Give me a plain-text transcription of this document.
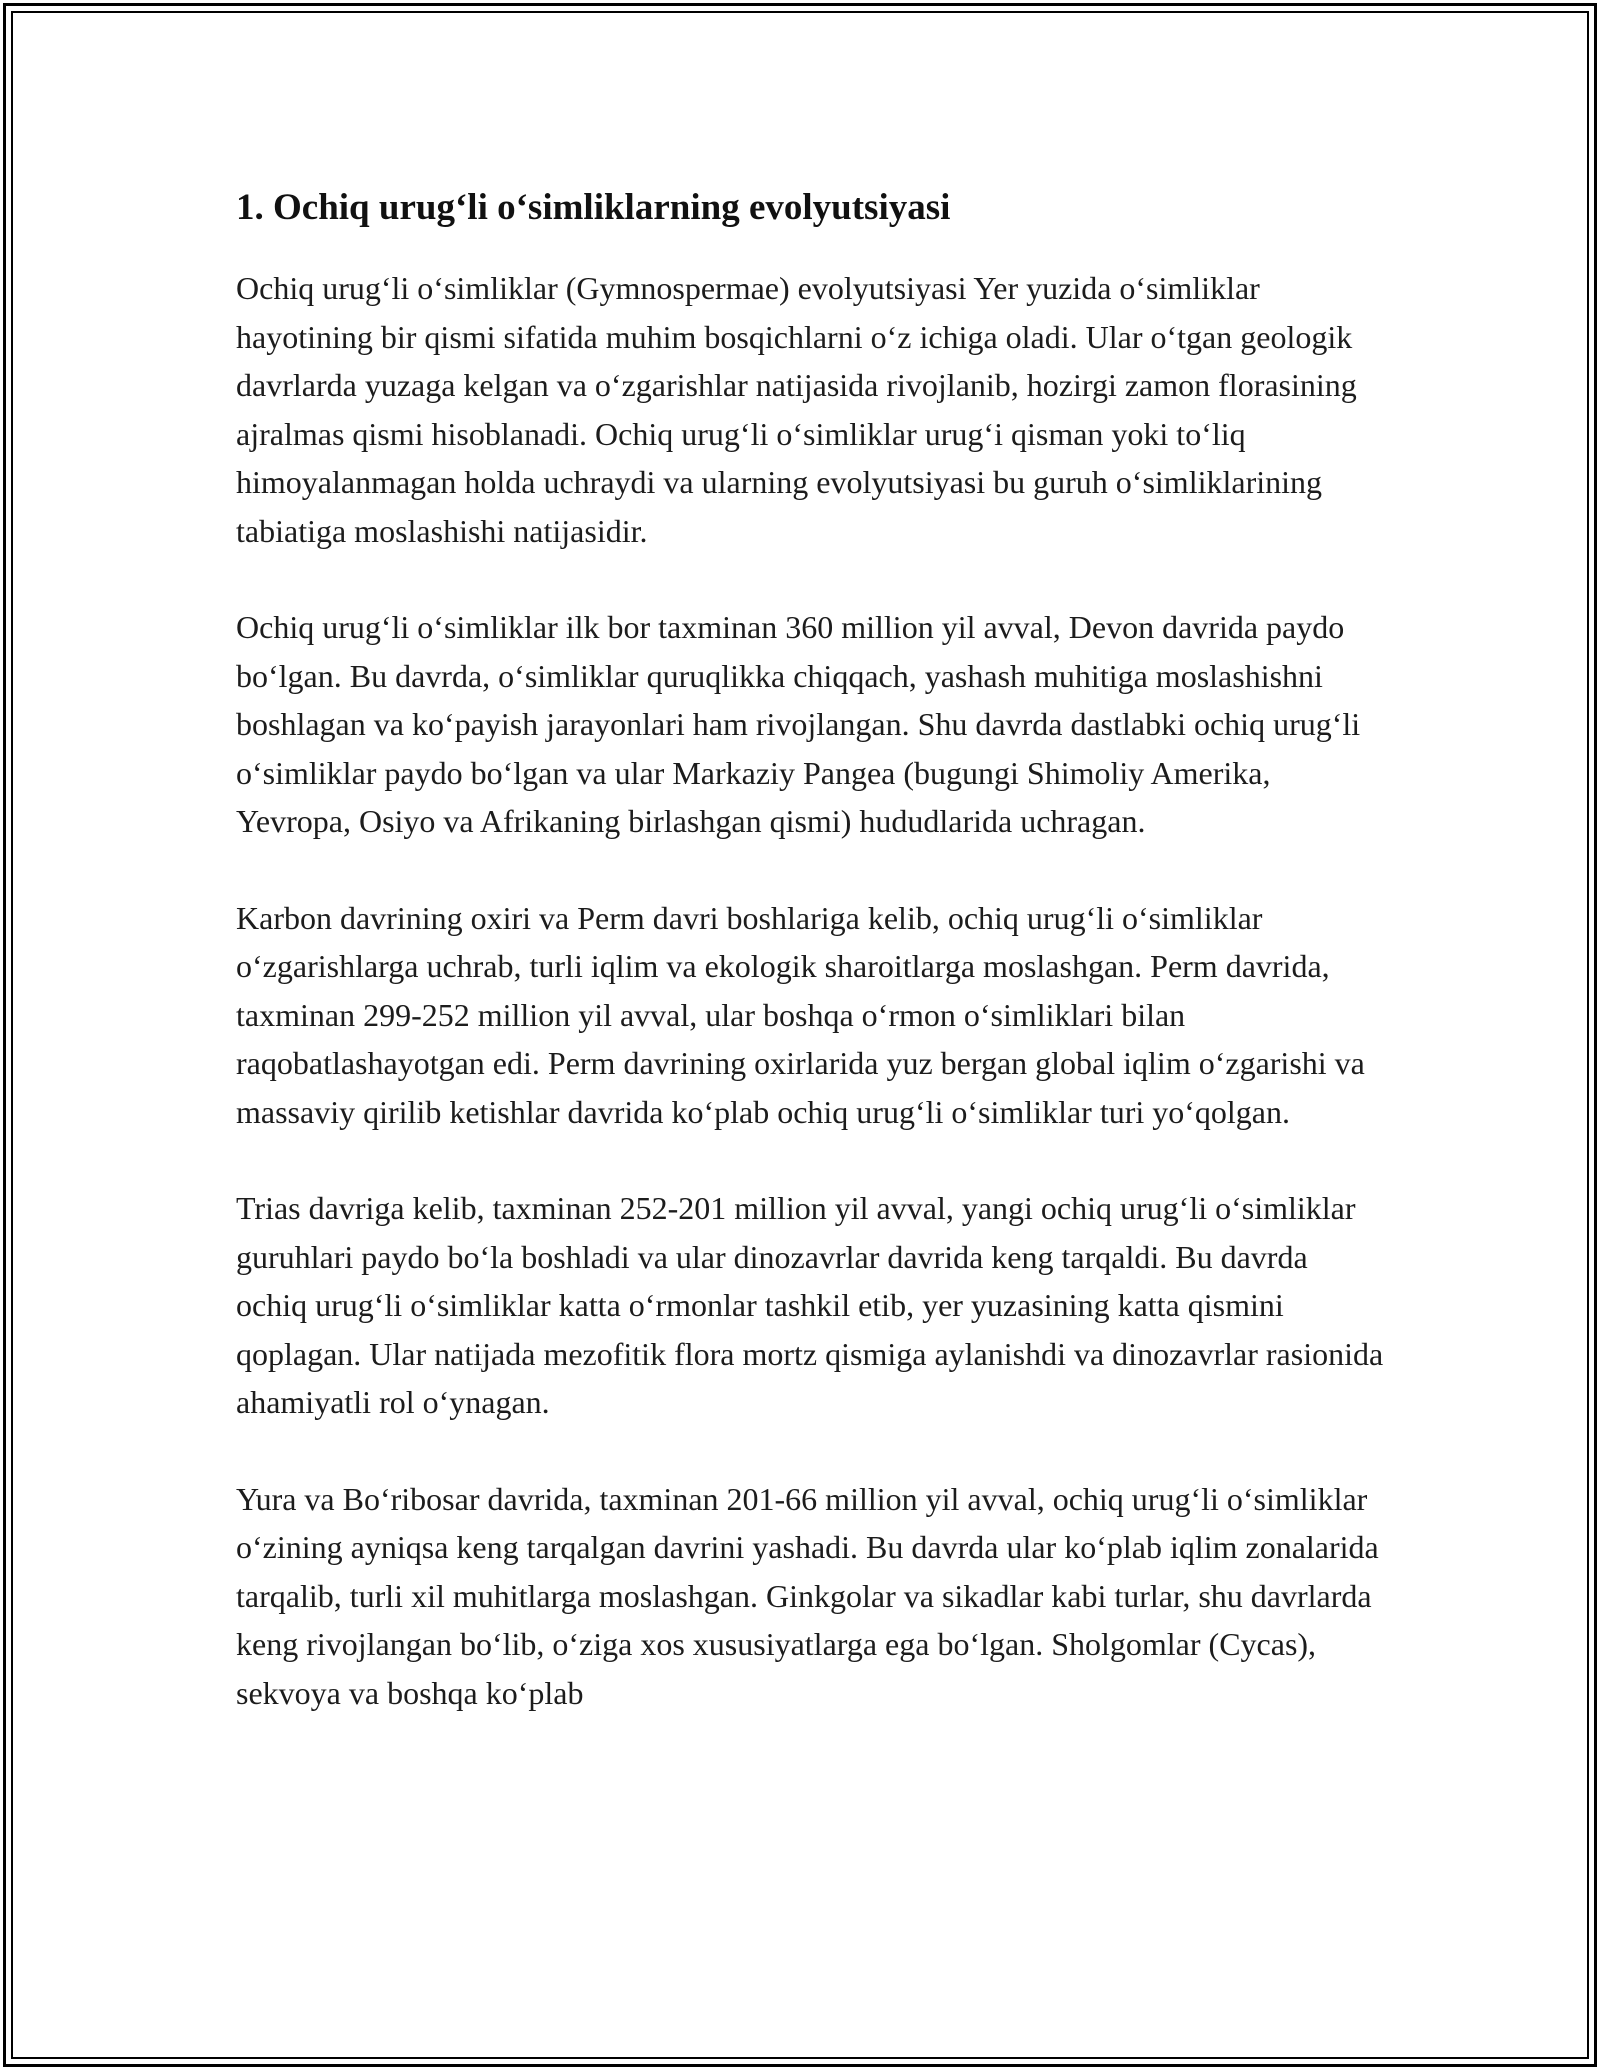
1. Ochiq urug‘li o‘simliklarning evolyutsiyasi

Ochiq urug‘li o‘simliklar (Gymnospermae) evolyutsiyasi Yer yuzida o‘simliklar hayotining bir qismi sifatida muhim bosqichlarni o‘z ichiga oladi. Ular o‘tgan geologik davrlarda yuzaga kelgan va o‘zgarishlar natijasida rivojlanib, hozirgi zamon florasining ajralmas qismi hisoblanadi. Ochiq urug‘li o‘simliklar urug‘i qisman yoki to‘liq himoyalanmagan holda uchraydi va ularning evolyutsiyasi bu guruh o‘simliklarining tabiatiga moslashishi natijasidir.

Ochiq urug‘li o‘simliklar ilk bor taxminan 360 million yil avval, Devon davrida paydo bo‘lgan. Bu davrda, o‘simliklar quruqlikka chiqqach, yashash muhitiga moslashishni boshlagan va ko‘payish jarayonlari ham rivojlangan. Shu davrda dastlabki ochiq urug‘li o‘simliklar paydo bo‘lgan va ular Markaziy Pangea (bugungi Shimoliy Amerika, Yevropa, Osiyo va Afrikaning birlashgan qismi) hududlarida uchragan.

Karbon davrining oxiri va Perm davri boshlariga kelib, ochiq urug‘li o‘simliklar o‘zgarishlarga uchrab, turli iqlim va ekologik sharoitlarga moslashgan. Perm davrida, taxminan 299-252 million yil avval, ular boshqa o‘rmon o‘simliklari bilan raqobatlashayotgan edi. Perm davrining oxirlarida yuz bergan global iqlim o‘zgarishi va massaviy qirilib ketishlar davrida ko‘plab ochiq urug‘li o‘simliklar turi yo‘qolgan.

Trias davriga kelib, taxminan 252-201 million yil avval, yangi ochiq urug‘li o‘simliklar guruhlari paydo bo‘la boshladi va ular dinozavrlar davrida keng tarqaldi. Bu davrda ochiq urug‘li o‘simliklar katta o‘rmonlar tashkil etib, yer yuzasining katta qismini qoplagan. Ular natijada mezofitik flora mortz qismiga aylanishdi va dinozavrlar rasionida ahamiyatli rol o‘ynagan.

Yura va Bo‘ribosar davrida, taxminan 201-66 million yil avval, ochiq urug‘li o‘simliklar o‘zining ayniqsa keng tarqalgan davrini yashadi. Bu davrda ular ko‘plab iqlim zonalarida tarqalib, turli xil muhitlarga moslashgan. Ginkgolar va sikadlar kabi turlar, shu davrlarda keng rivojlangan bo‘lib, o‘ziga xos xususiyatlarga ega bo‘lgan. Sholgomlar (Cycas), sekvoya va boshqa ko‘plab
